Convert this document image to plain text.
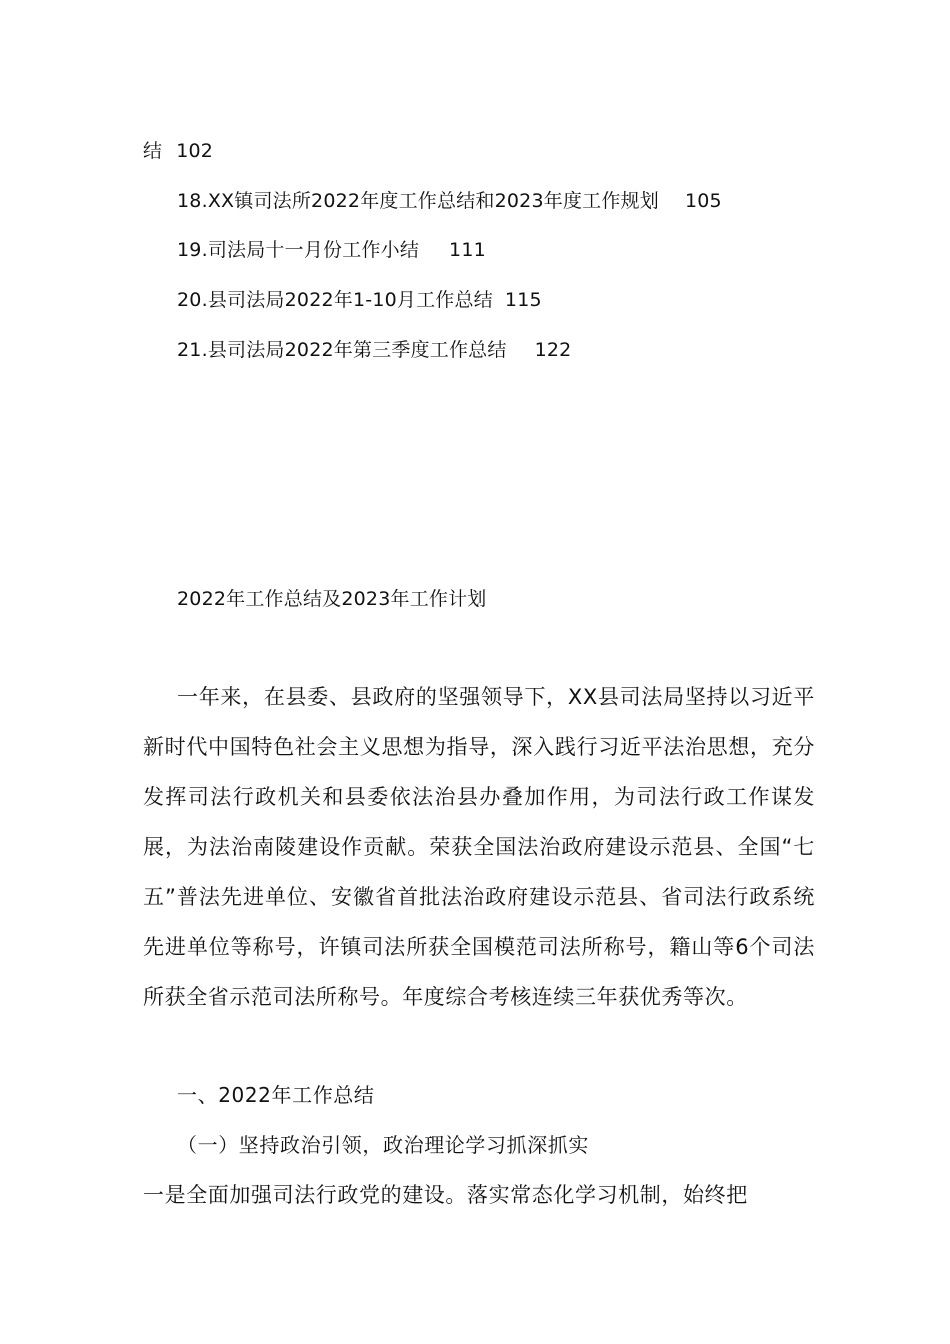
结 102
18.XX镇司法所2022年度工作总结和2023年度工作规划 105
19.司法局十一月份工作小结 111
20.县司法局2022年1-10月工作总结 115
21.县司法局2022年第三季度工作总结 122
2022年工作总结及2023年工作计划
一年来，在县委、县政府的坚强领导下，XX县司法局坚持以习近平新时代中国特色社会主义思想为指导，深入践行习近平法治思想，充分发挥司法行政机关和县委依法治县办叠加作用，为司法行政工作谋发展，为法治南陵建设作贡献。荣获全国法治政府建设示范县、全国“七五”普法先进单位、安徽省首批法治政府建设示范县、省司法行政系统先进单位等称号，许镇司法所获全国模范司法所称号，籍山等6个司法所获全省示范司法所称号。年度综合考核连续三年获优秀等次。
一、2022年工作总结
（一）坚持政治引领，政治理论学习抓深抓实
一是全面加强司法行政党的建设。落实常态化学习机制，始终把
